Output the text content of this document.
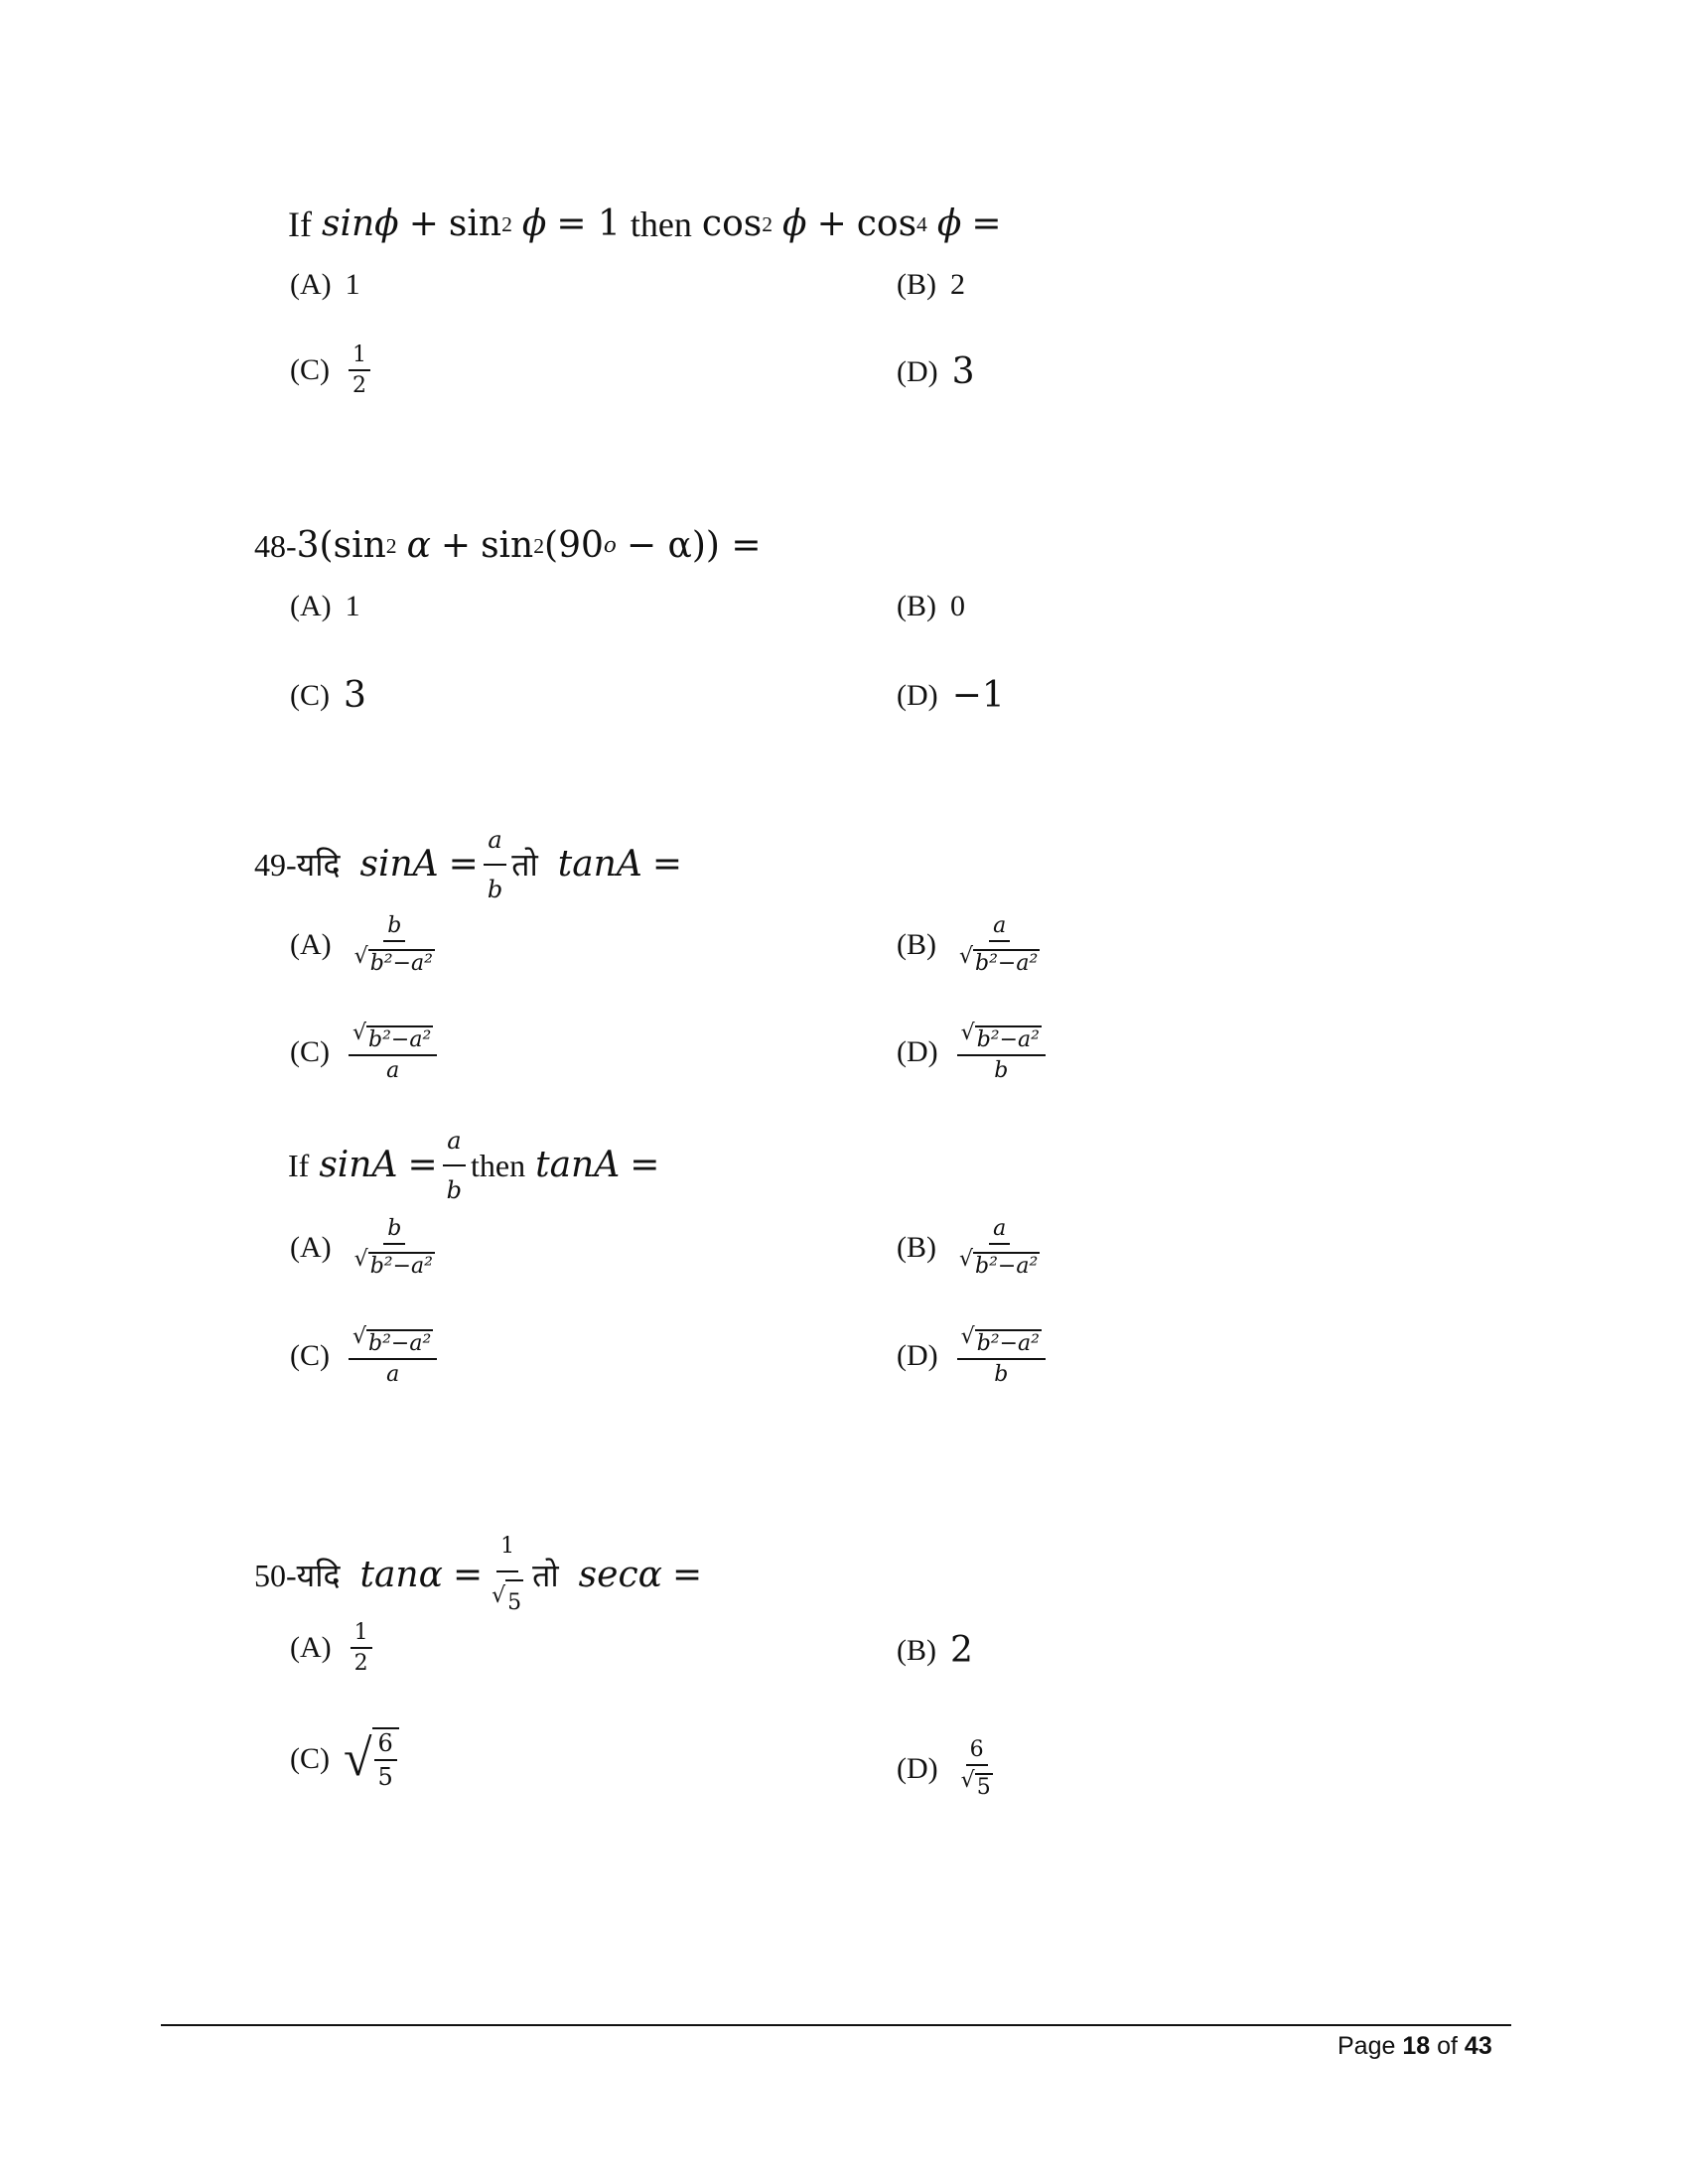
If sinϕ + sin 2 ϕ = 1 then cos 2 ϕ + cos 4 ϕ =
(A) 1	(B) 2
$(C) \frac{1}{2}$	(D) 3
48- 3(sin 2 α + sin 2 (90 o − α)) =
(A) 1	(B) 0
(C) 3	(D) −1
49- यदि $\sin A = \frac{a}{b}$ तो tanA =
$(A) \frac{b}{\text{√ b²−a²}}$	$(B) \frac{a}{\text{√ b²−a²}}$
$(C) \frac{\text{√ b²−a²}}{a}$	$(D) \frac{\text{√ b²−a²}}{b}$
If $\sin A = \frac{a}{b}$ then tanA =
$(A) \frac{b}{\text{√ b²−a²}}$	$(B) \frac{a}{\text{√ b²−a²}}$
$(C) \frac{\text{√ b²−a²}}{a}$	$(D) \frac{\text{√ b²−a²}}{b}$
50- यदि $\tan\alpha = \frac{1}{√ 5}$ तो secα =
$(A) \frac{1}{2}$	(B) 2
(C) √ $\frac{6}{5}$	$(D) \frac{6}{√ 5}$
Page 18 of 43
